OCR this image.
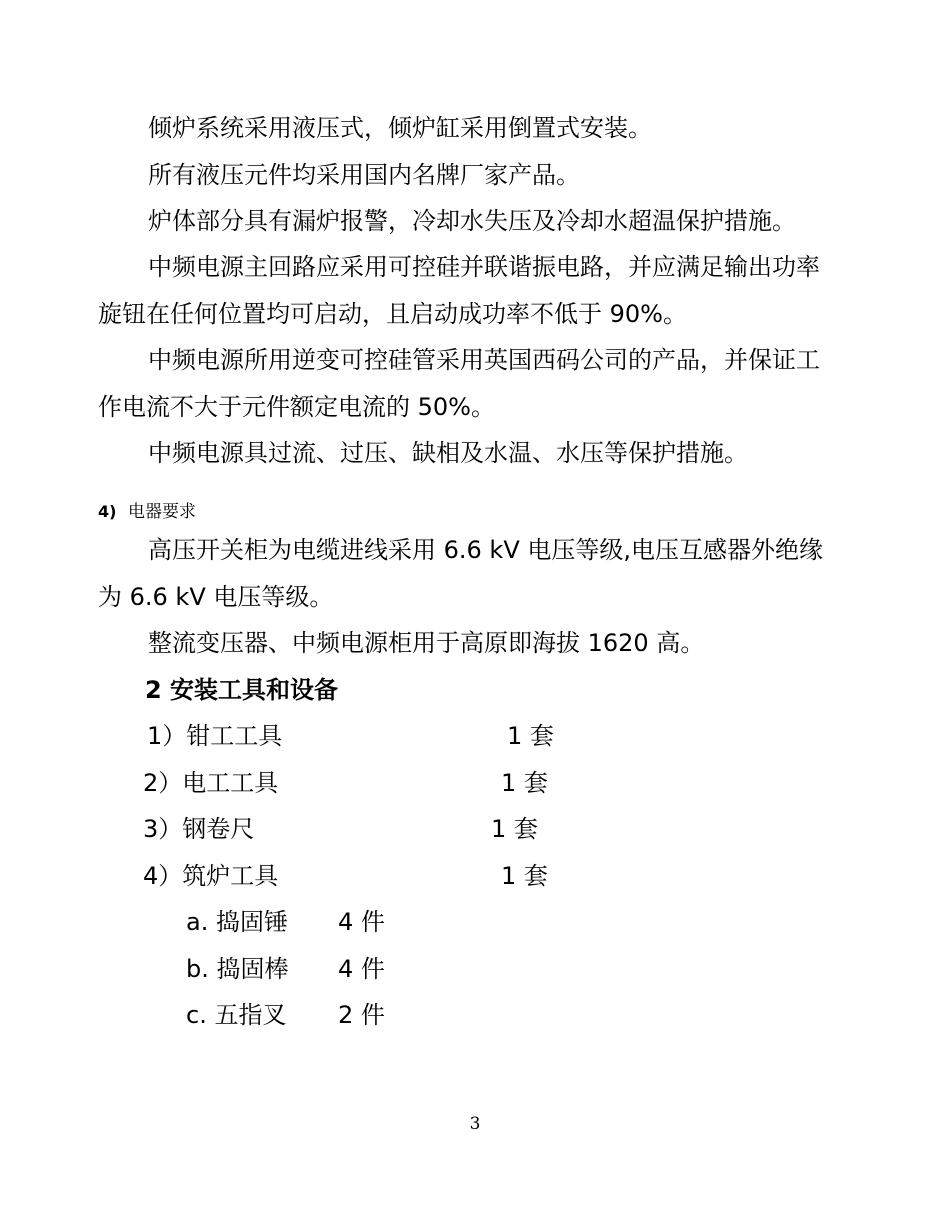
倾炉系统采用液压式，倾炉缸采用倒置式安装。
所有液压元件均采用国内名牌厂家产品。
炉体部分具有漏炉报警，冷却水失压及冷却水超温保护措施。
中频电源主回路应采用可控硅并联谐振电路，并应满足输出功率
旋钮在任何位置均可启动，且启动成功率不低于 90%。
中频电源所用逆变可控硅管采用英国西码公司的产品，并保证工
作电流不大于元件额定电流的 50%。
中频电源具过流、过压、缺相及水温、水压等保护措施。
4) 电器要求
高压开关柜为电缆进线采用 6.6 kV 电压等级,电压互感器外绝缘
为 6.6 kV 电压等级。
整流变压器、中频电源柜用于高原即海拔 1620 高。
2 安装工具和设备
1）钳工工具	1 套
2）电工工具	1 套
3）钢卷尺	1 套
4）筑炉工具	1 套
a. 捣固锤 4 件
b. 捣固棒 4 件
c. 五指叉 2 件
3
